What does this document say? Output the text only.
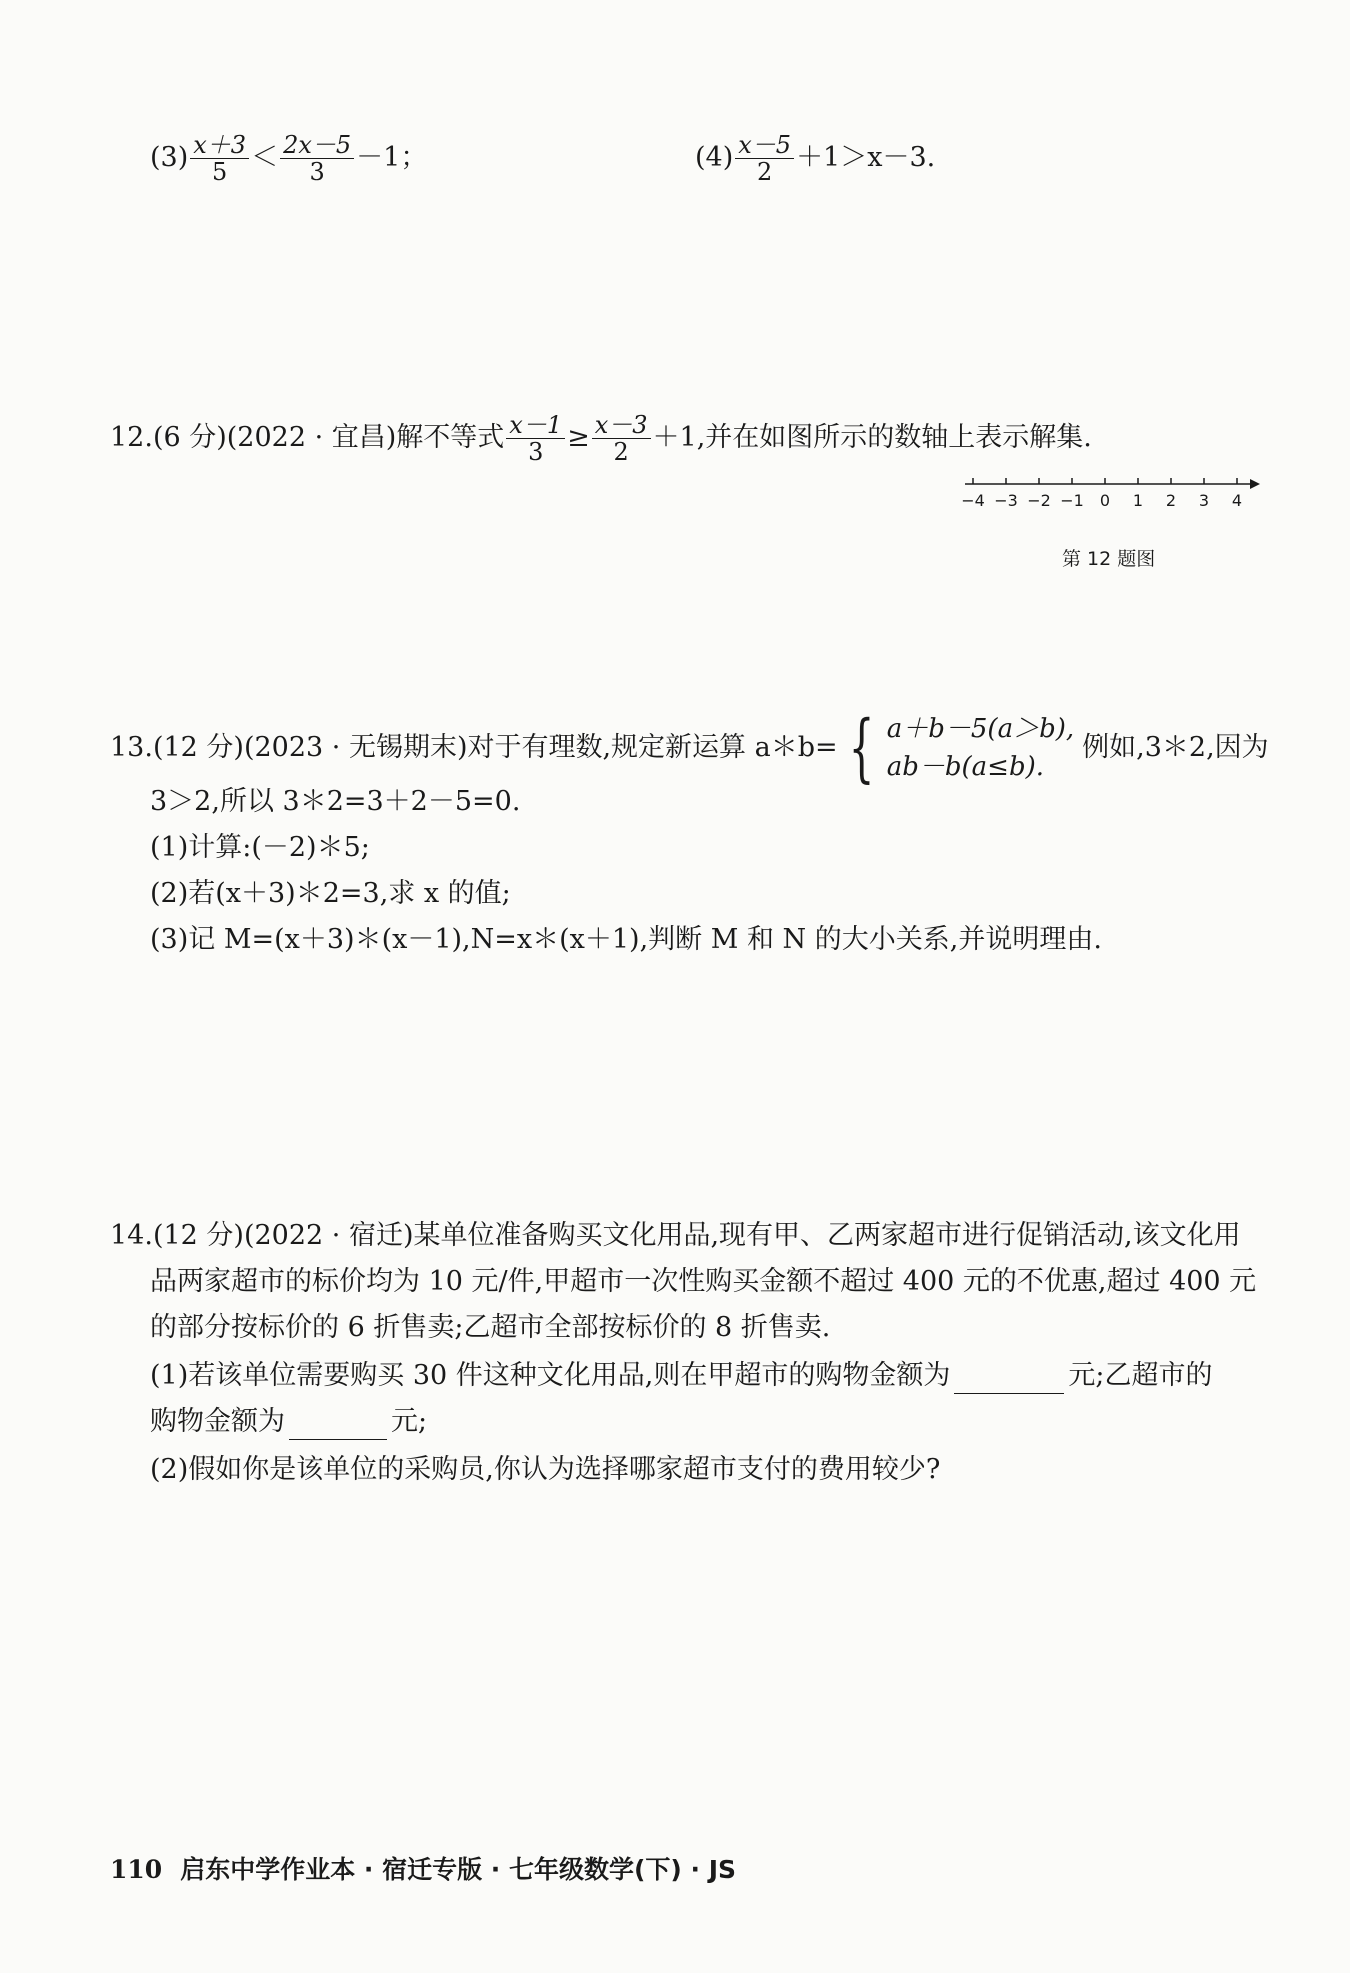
$(3) \frac{x+3}{5} < \frac{2x-5}{3} -1$；	$(4) \frac{x-5}{2} +1>x-3$.
12.(6 分)(2022 · 宜昌)解不等式 $\frac{x-1}{3} \ge \frac{x-3}{2} +1$,并在如图所示的数轴上表示解集.
−4 −3 −2 −1 0 1 2 3 4
第 12 题图
13.(12 分)(2023 · 无锡期末)对于有理数,规定新运算 a＊b= { a＋b－5(a＞b),
ab－b(a≤b).
例如,3＊2,因为
3＞2,所以 3＊2=3＋2－5=0.
(1)计算:(－2)＊5;
(2)若(x＋3)＊2=3,求 x 的值;
(3)记 M=(x＋3)＊(x－1),N=x＊(x＋1),判断 M 和 N 的大小关系,并说明理由.
14.(12 分)(2022 · 宿迁)某单位准备购买文化用品,现有甲、乙两家超市进行促销活动,该文化用
品两家超市的标价均为 10 元/件,甲超市一次性购买金额不超过 400 元的不优惠,超过 400 元
的部分按标价的 6 折售卖;乙超市全部按标价的 8 折售卖.
(1)若该单位需要购买 30 件这种文化用品,则在甲超市的购物金额为	元;乙超市的
购物金额为	元;
(2)假如你是该单位的采购员,你认为选择哪家超市支付的费用较少?
110 启东中学作业本 · 宿迁专版 · 七年级数学(下) · JS
